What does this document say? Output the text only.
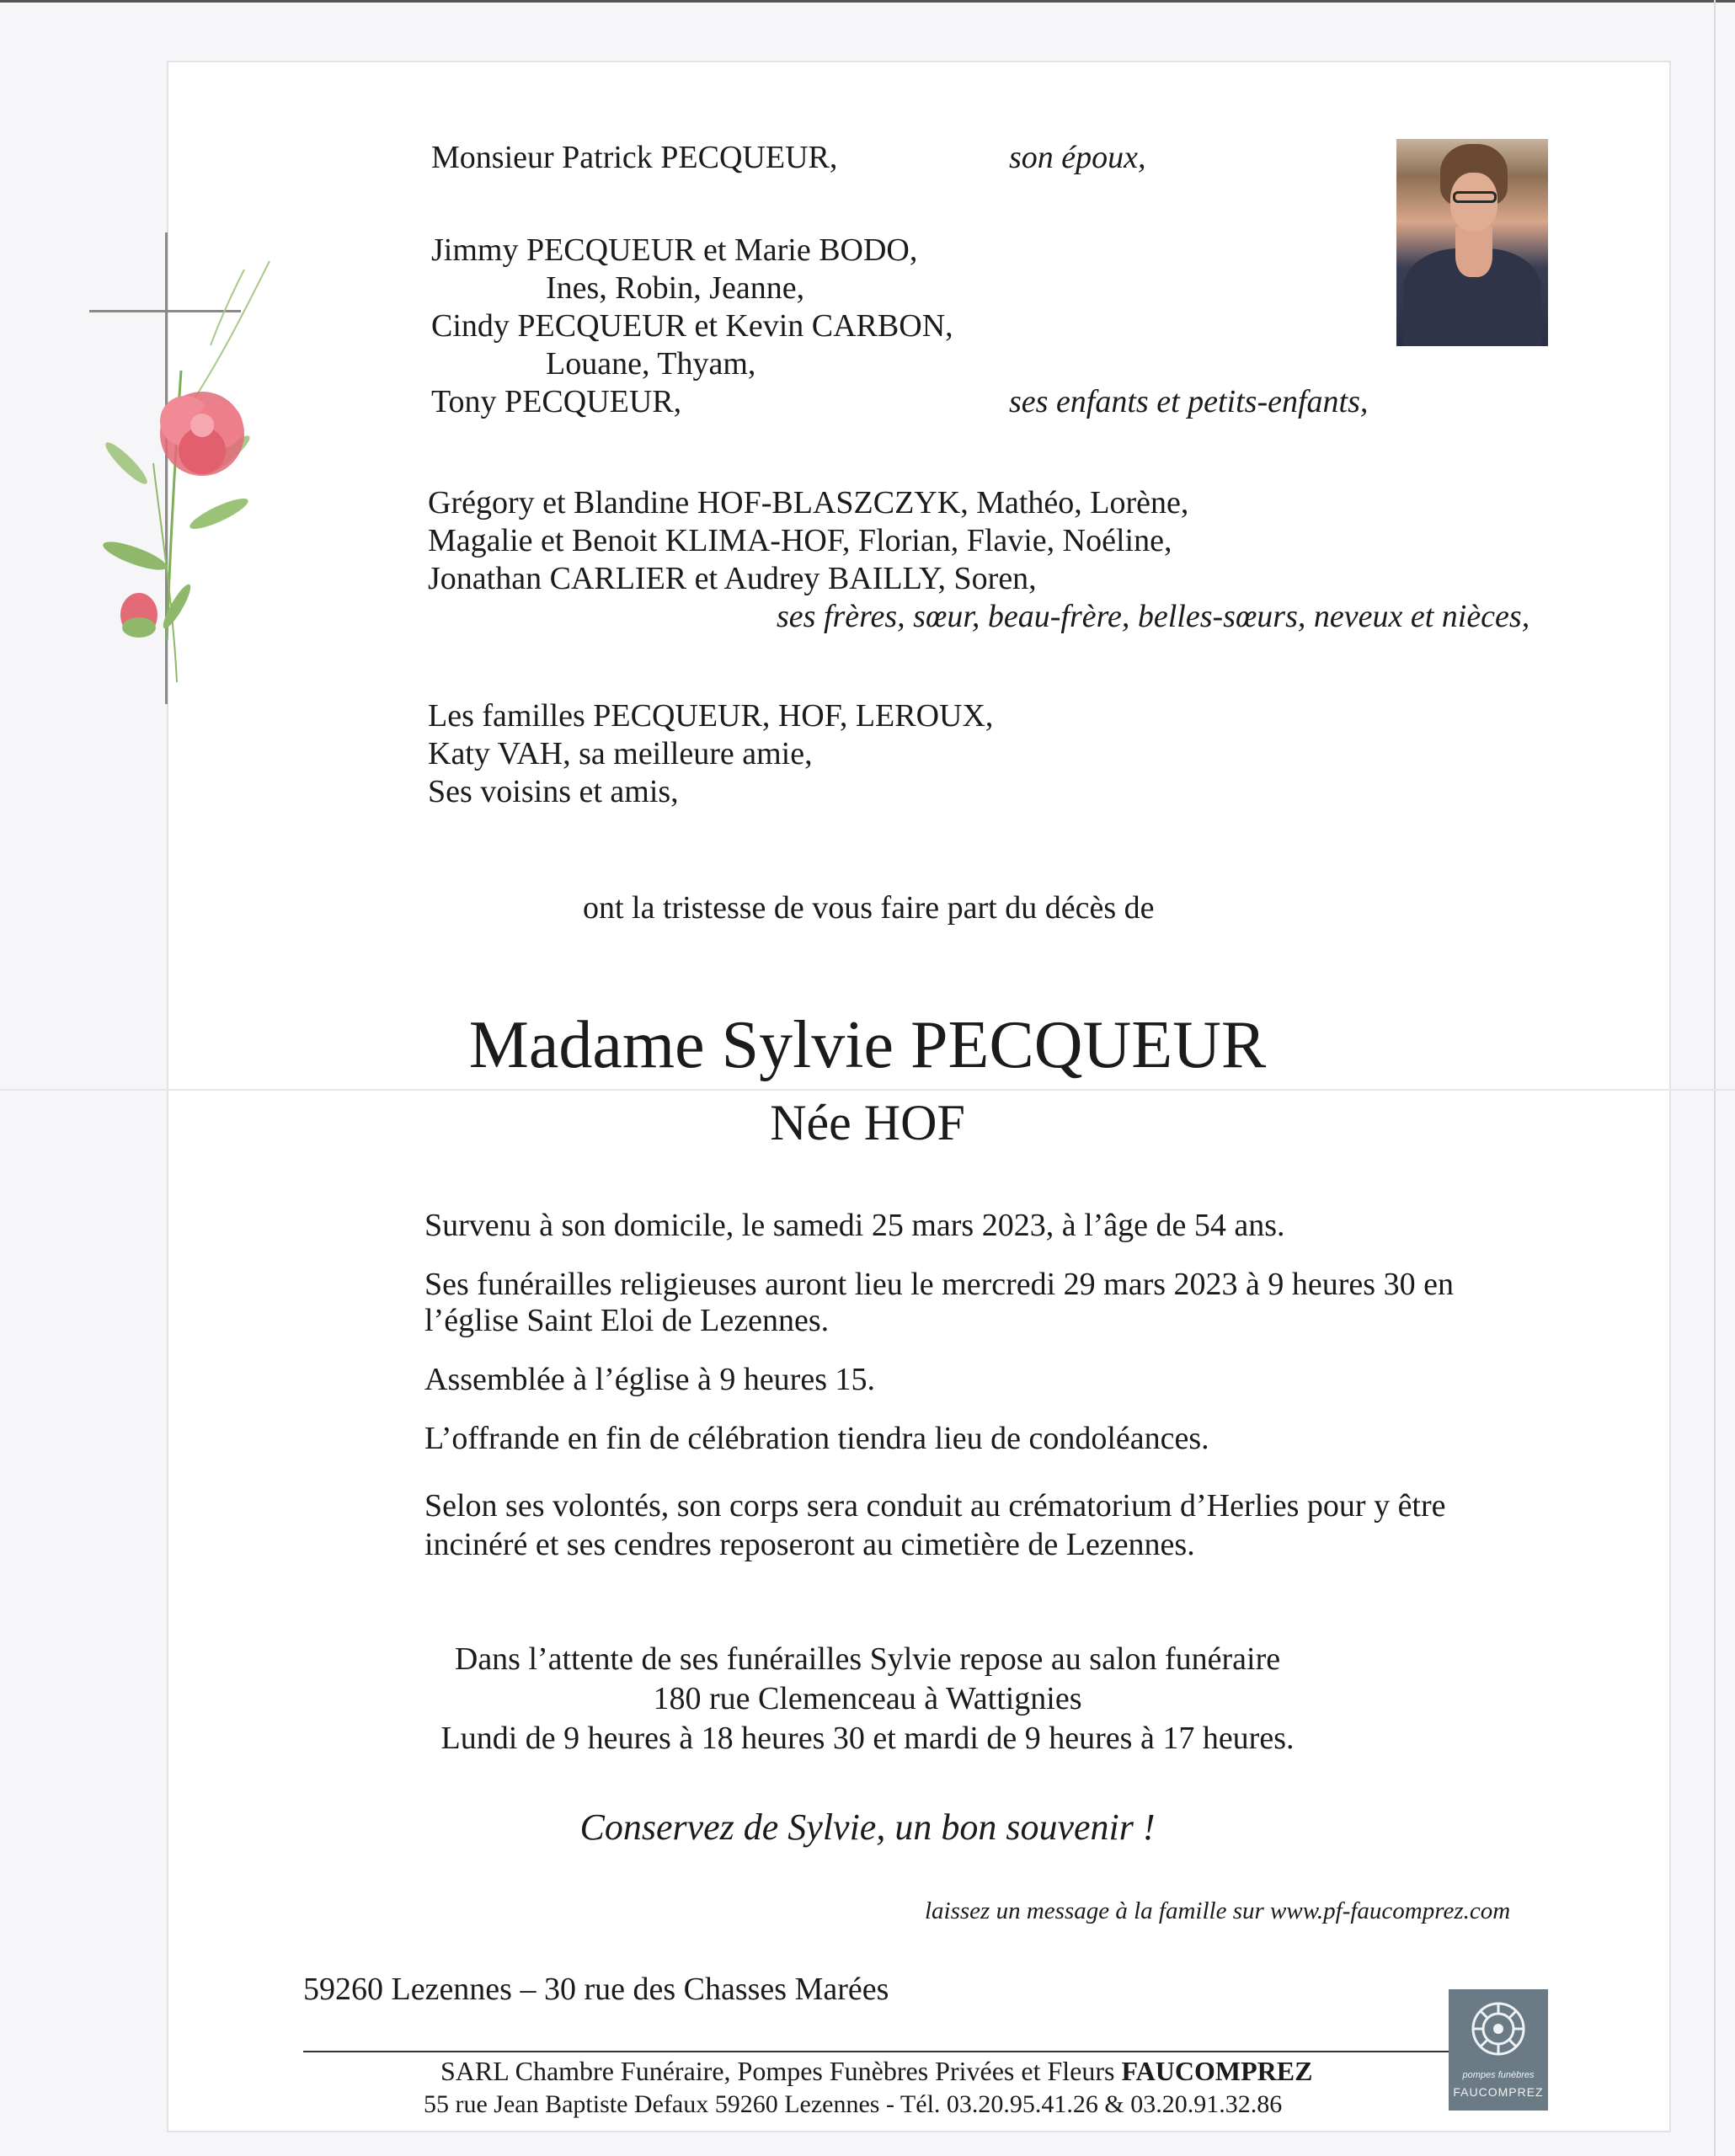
Monsieur Patrick PECQUEUR,	son époux,
Jimmy PECQUEUR et Marie BODO,
Ines, Robin, Jeanne,
Cindy PECQUEUR et Kevin CARBON,
Louane, Thyam,
Tony PECQUEUR,	ses enfants et petits-enfants,
Grégory et Blandine HOF-BLASZCZYK, Mathéo, Lorène,
Magalie et Benoit KLIMA-HOF, Florian, Flavie, Noéline,
Jonathan CARLIER et Audrey BAILLY, Soren,
ses frères, sœur, beau-frère, belles-sœurs, neveux et nièces,
Les familles PECQUEUR, HOF, LEROUX,
Katy VAH, sa meilleure amie,
Ses voisins et amis,
ont la tristesse de vous faire part du décès de
Madame Sylvie PECQUEUR
Née HOF
Survenu à son domicile, le samedi 25 mars 2023, à l’âge de 54 ans.
Ses funérailles religieuses auront lieu le mercredi 29 mars 2023 à 9 heures 30 en
l’église Saint Eloi de Lezennes.
Assemblée à l’église à 9 heures 15.
L’offrande en fin de célébration tiendra lieu de condoléances.
Selon ses volontés, son corps sera conduit au crématorium d’Herlies pour y être
incinéré et ses cendres reposeront au cimetière de Lezennes.
Dans l’attente de ses funérailles Sylvie repose au salon funéraire
180 rue Clemenceau à Wattignies
Lundi de 9 heures à 18 heures 30 et mardi de 9 heures à 17 heures.
Conservez de Sylvie, un bon souvenir !
laissez un message à la famille sur www.pf-faucomprez.com
59260 Lezennes – 30 rue des Chasses Marées
SARL Chambre Funéraire, Pompes Funèbres Privées et Fleurs FAUCOMPREZ
55 rue Jean Baptiste Defaux 59260 Lezennes - Tél. 03.20.95.41.26 & 03.20.91.32.86
pompes funèbres
FAUCOMPREZ
